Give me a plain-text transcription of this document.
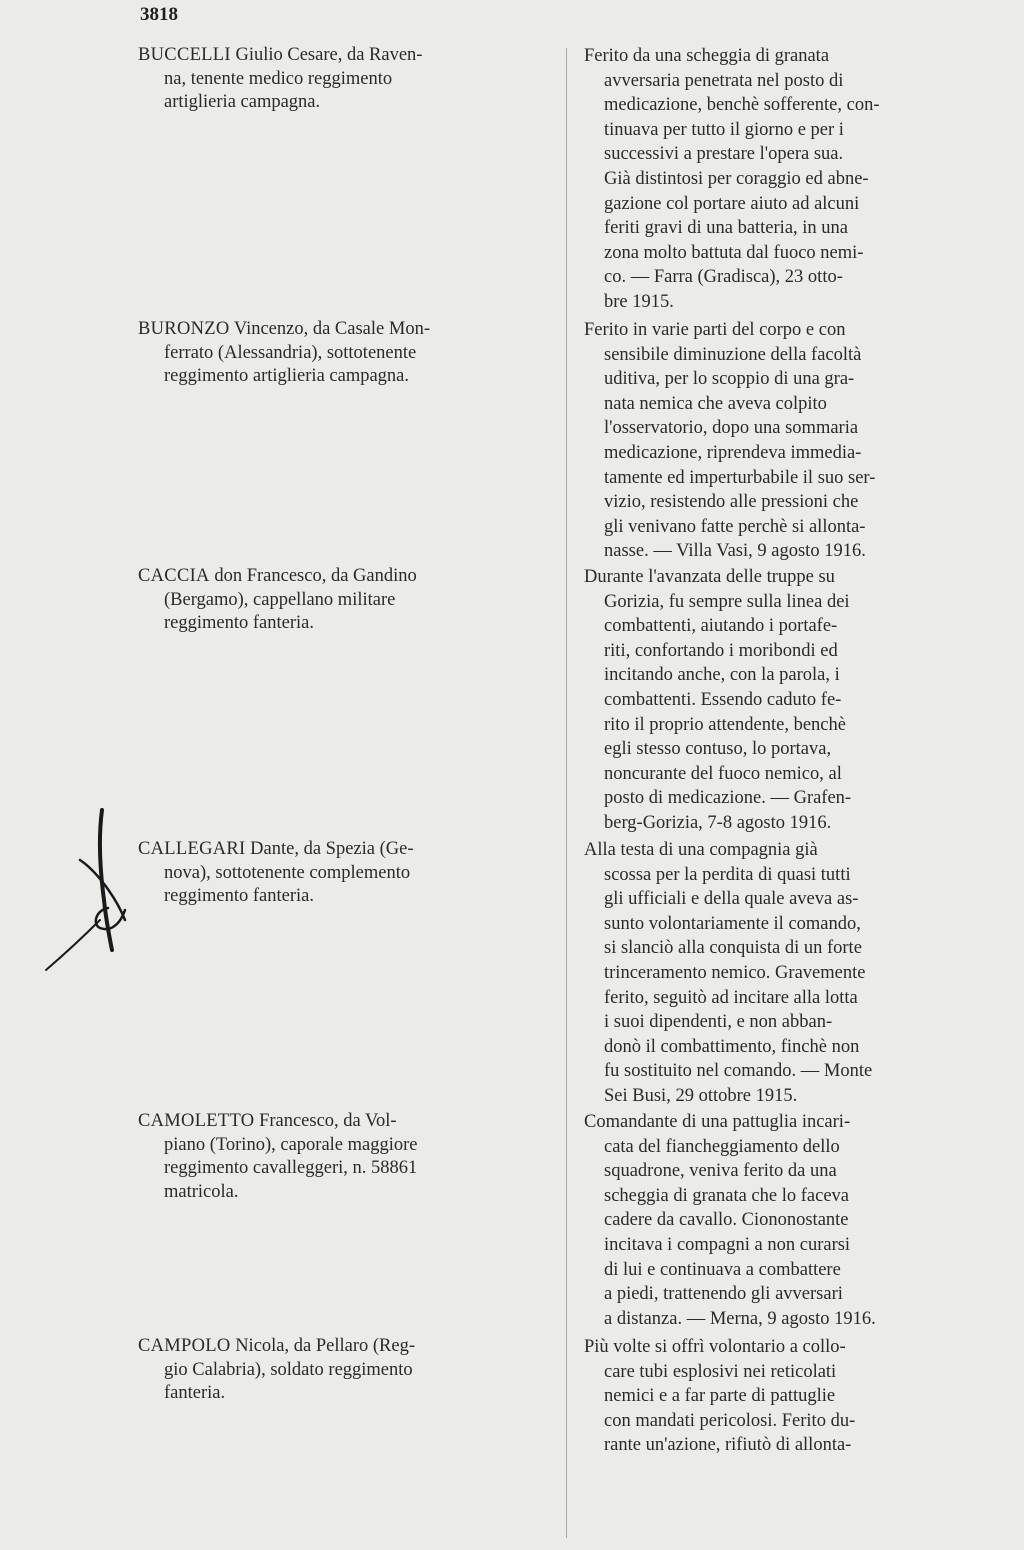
3818
BUCCELLI Giulio Cesare, da Raven-
na, tenente medico reggimento
artiglieria campagna.
Ferito da una scheggia di granata
avversaria penetrata nel posto di
medicazione, benchè sofferente, con-
tinuava per tutto il giorno e per i
successivi a prestare l'opera sua.
Già distintosi per coraggio ed abne-
gazione col portare aiuto ad alcuni
feriti gravi di una batteria, in una
zona molto battuta dal fuoco nemi-
co. — Farra (Gradisca), 23 otto-
bre 1915.
BURONZO Vincenzo, da Casale Mon-
ferrato (Alessandria), sottotenente
reggimento artiglieria campagna.
Ferito in varie parti del corpo e con
sensibile diminuzione della facoltà
uditiva, per lo scoppio di una gra-
nata nemica che aveva colpito
l'osservatorio, dopo una sommaria
medicazione, riprendeva immedia-
tamente ed imperturbabile il suo ser-
vizio, resistendo alle pressioni che
gli venivano fatte perchè si allonta-
nasse. — Villa Vasi, 9 agosto 1916.
CACCIA don Francesco, da Gandino
(Bergamo), cappellano militare
reggimento fanteria.
Durante l'avanzata delle truppe su
Gorizia, fu sempre sulla linea dei
combattenti, aiutando i portafe-
riti, confortando i moribondi ed
incitando anche, con la parola, i
combattenti. Essendo caduto fe-
rito il proprio attendente, benchè
egli stesso contuso, lo portava,
noncurante del fuoco nemico, al
posto di medicazione. — Grafen-
berg-Gorizia, 7-8 agosto 1916.
CALLEGARI Dante, da Spezia (Ge-
nova), sottotenente complemento
reggimento fanteria.
Alla testa di una compagnia già
scossa per la perdita di quasi tutti
gli ufficiali e della quale aveva as-
sunto volontariamente il comando,
si slanciò alla conquista di un forte
trinceramento nemico. Gravemente
ferito, seguitò ad incitare alla lotta
i suoi dipendenti, e non abban-
donò il combattimento, finchè non
fu sostituito nel comando. — Monte
Sei Busi, 29 ottobre 1915.
CAMOLETTO Francesco, da Vol-
piano (Torino), caporale maggiore
reggimento cavalleggeri, n. 58861
matricola.
Comandante di una pattuglia incari-
cata del fiancheggiamento dello
squadrone, veniva ferito da una
scheggia di granata che lo faceva
cadere da cavallo. Ciononostante
incitava i compagni a non curarsi
di lui e continuava a combattere
a piedi, trattenendo gli avversari
a distanza. — Merna, 9 agosto 1916.
CAMPOLO Nicola, da Pellaro (Reg-
gio Calabria), soldato reggimento
fanteria.
Più volte si offrì volontario a collo-
care tubi esplosivi nei reticolati
nemici e a far parte di pattuglie
con mandati pericolosi. Ferito du-
rante un'azione, rifiutò di allonta-
